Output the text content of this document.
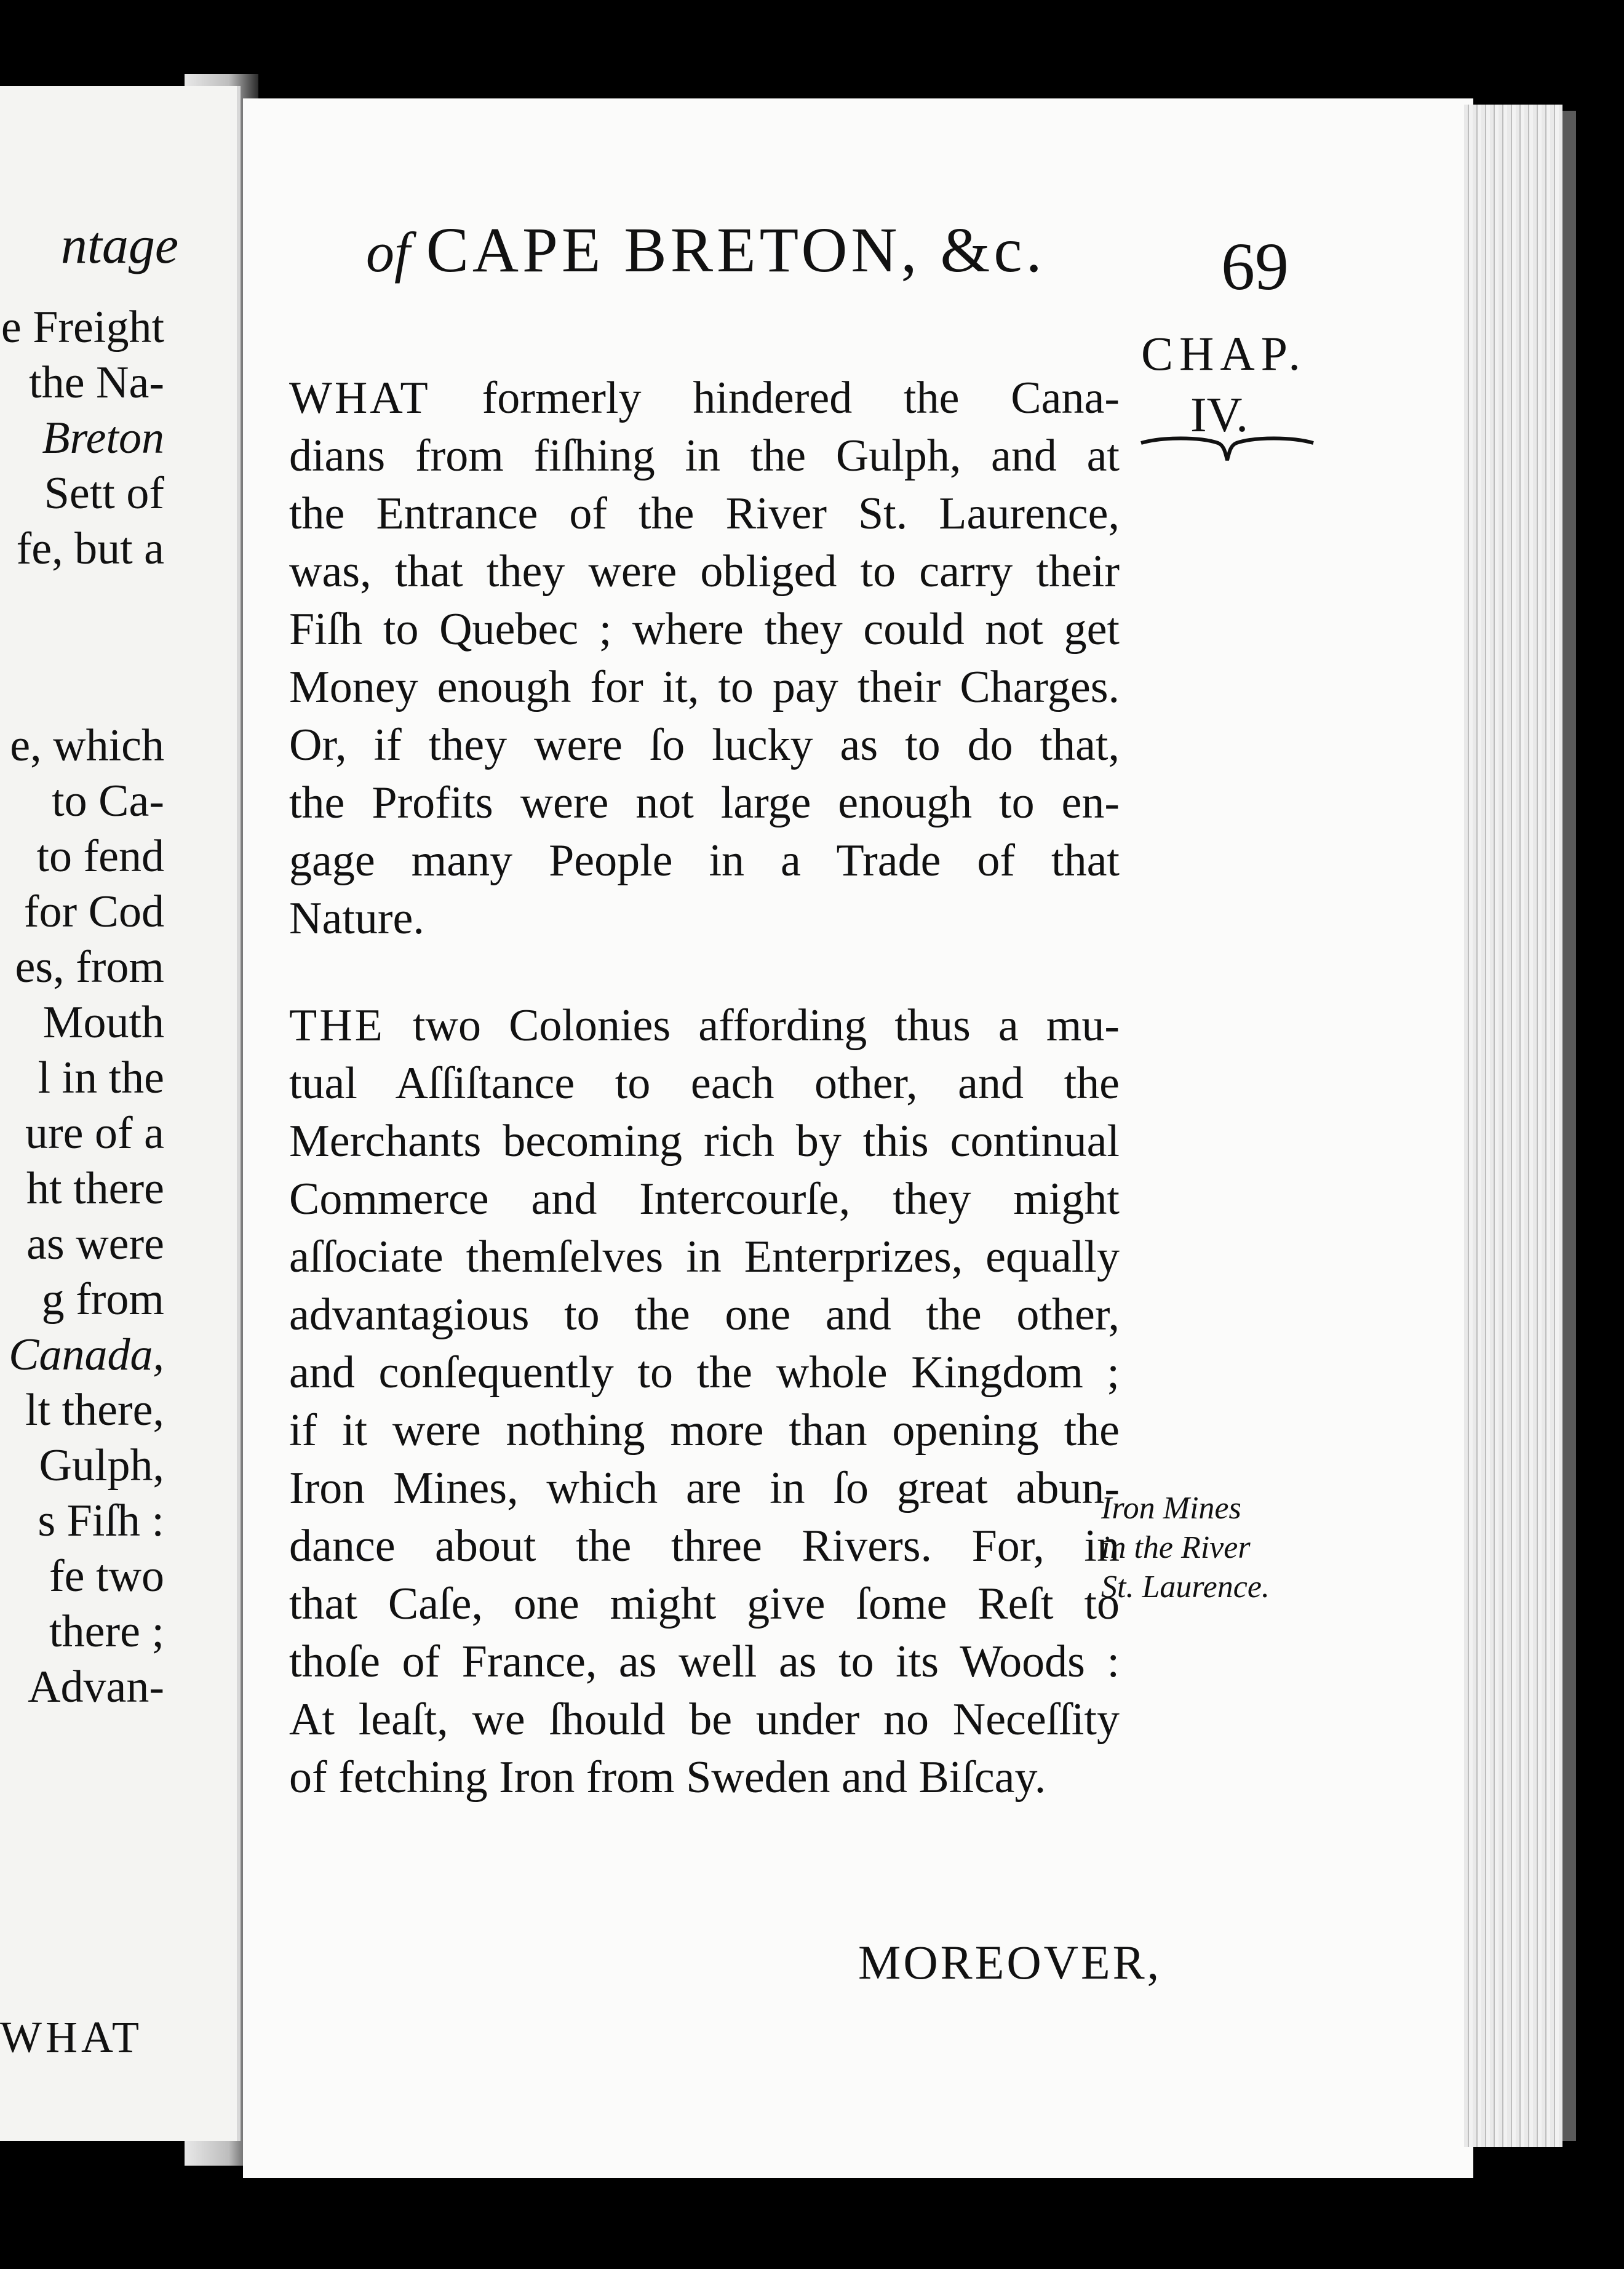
ntage
e Freight
the Na-
Breton
Sett of
fe, but a
e, which
to Ca-
to fend
for Cod
es, from
Mouth
l in the
ure of a
ht there
as were
g from
Canada,
lt there,
Gulph,
s Fiſh :
fe two
there ;
Advan-
WHAT
of CAPE BRETON, &c.	69
CHAP.
IV.
WHAT formerly hindered the Cana-
dians from fiſhing in the Gulph, and at
the Entrance of the River St. Laurence,
was, that they were obliged to carry their
Fiſh to Quebec ; where they could not get
Money enough for it, to pay their Charges.
Or, if they were ſo lucky as to do that,
the Profits were not large enough to en-
gage many People in a Trade of that
Nature.
THE two Colonies affording thus a mu-
tual Aſſiſtance to each other, and the
Merchants becoming rich by this continual
Commerce and Intercourſe, they might
aſſociate themſelves in Enterprizes, equally
advantagious to the one and the other,
and conſequently to the whole Kingdom ;
if it were nothing more than opening the
Iron Mines, which are in ſo great abun-
dance about the three Rivers. For, in
that Caſe, one might give ſome Reſt to
thoſe of France, as well as to its Woods :
At leaſt, we ſhould be under no Neceſſity
of fetching Iron from Sweden and Biſcay.
Iron Mines
in the River
St. Laurence.
MOREOVER,
